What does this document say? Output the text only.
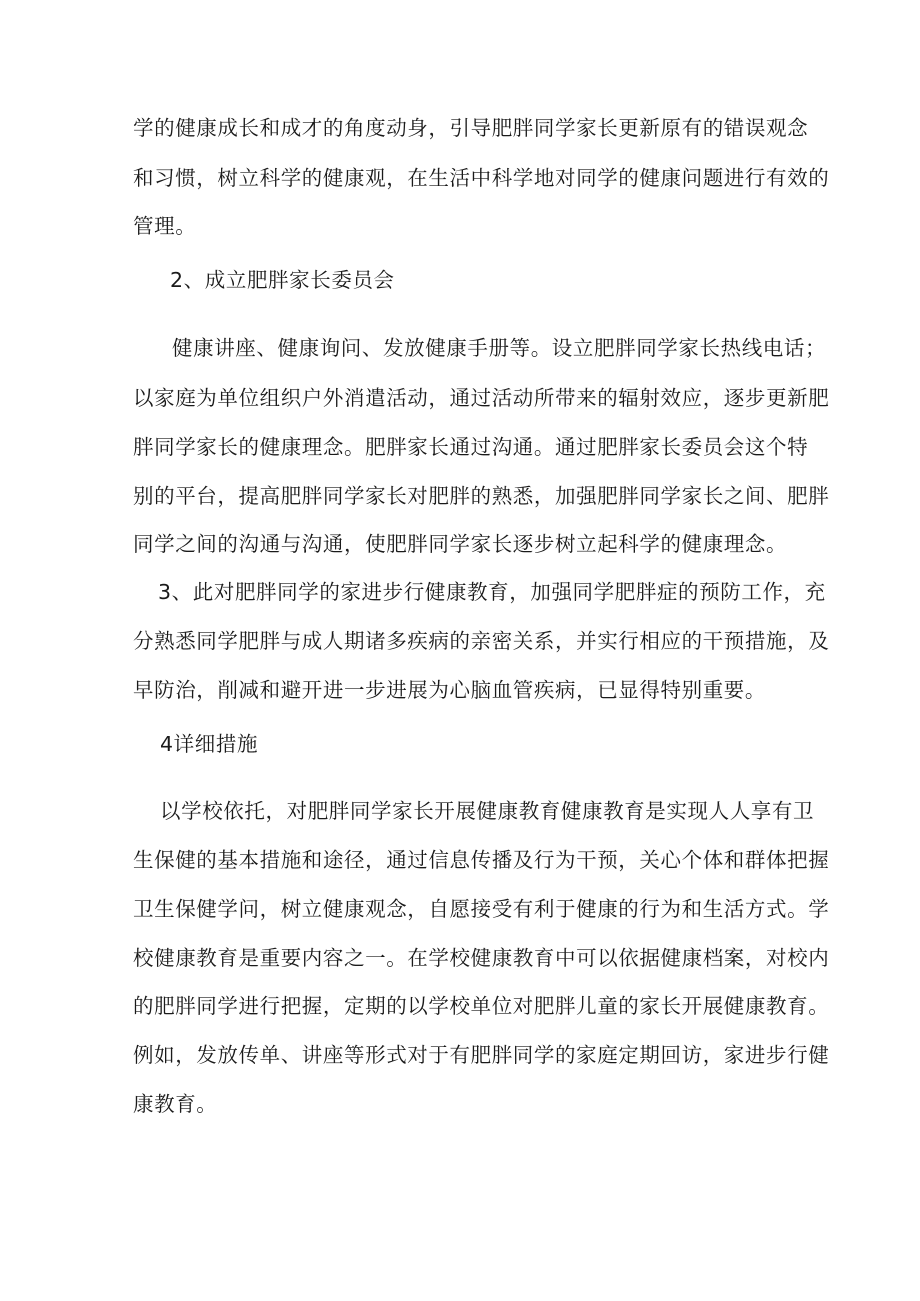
学的健康成长和成才的角度动身，引导肥胖同学家长更新原有的错误观念
和习惯，树立科学的健康观，在生活中科学地对同学的健康问题进行有效的
管理。
2、成立肥胖家长委员会
健康讲座、健康询问、发放健康手册等。设立肥胖同学家长热线电话；
以家庭为单位组织户外消遣活动，通过活动所带来的辐射效应，逐步更新肥
胖同学家长的健康理念。肥胖家长通过沟通。通过肥胖家长委员会这个特
别的平台，提高肥胖同学家长对肥胖的熟悉，加强肥胖同学家长之间、肥胖
同学之间的沟通与沟通，使肥胖同学家长逐步树立起科学的健康理念。
3、此对肥胖同学的家进步行健康教育，加强同学肥胖症的预防工作，充
分熟悉同学肥胖与成人期诸多疾病的亲密关系，并实行相应的干预措施，及
早防治，削减和避开进一步进展为心脑血管疾病，已显得特别重要。
4详细措施
以学校依托，对肥胖同学家长开展健康教育健康教育是实现人人享有卫
生保健的基本措施和途径，通过信息传播及行为干预，关心个体和群体把握
卫生保健学问，树立健康观念，自愿接受有利于健康的行为和生活方式。学
校健康教育是重要内容之一。在学校健康教育中可以依据健康档案，对校内
的肥胖同学进行把握，定期的以学校单位对肥胖儿童的家长开展健康教育。
例如，发放传单、讲座等形式对于有肥胖同学的家庭定期回访，家进步行健
康教育。
